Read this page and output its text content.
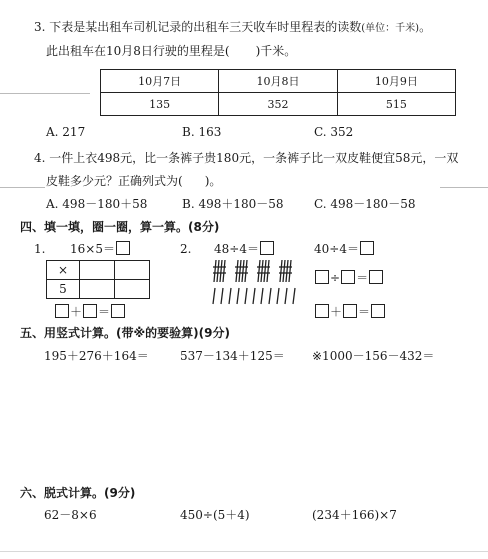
3. 下表是某出租车司机记录的出租车三天收车时里程表的读数(单位：千米)。
此出租车在10月8日行驶的里程是( )千米。
10月7日	10月8日	10月9日
135	352	515
A. 217	B. 163	C. 352
4. 一件上衣498元，比一条裤子贵180元，一条裤子比一双皮鞋便宜58元，一双
皮鞋多少元？正确列式为( )。
A. 498－180＋58	B. 498＋180－58	C. 498－180－58
四、填一填，圈一圈，算一算。(8分)
1. 16×5＝
×		
5		
＋ ＝
2. 48÷4＝	40÷4＝
÷ ＝
＋ ＝
五、用竖式计算。(带※的要验算)(9分)
195＋276＋164＝	537－134＋125＝ ※1000－156－432＝
六、脱式计算。(9分)
62－8×6	450÷(5＋4)	(234＋166)×7
